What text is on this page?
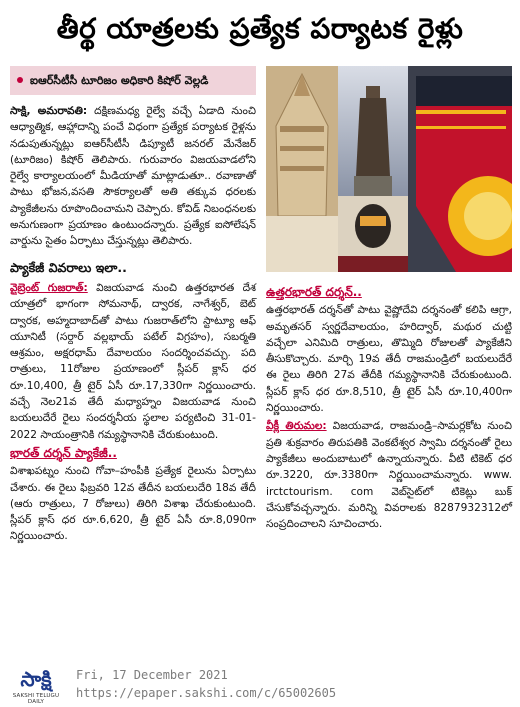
తీర్థ యాత్రలకు ప్రత్యేక పర్యాటక రైళ్లు
ఐఆర్‌సీటీసీ టూరిజం అధికారి కిషోర్ వెల్లడి
సాక్షి, అమరావతి: దక్షిణమధ్య రైల్వే వచ్చే ఏడాది నుంచి ఆధ్యాత్మిక, ఆహ్లాదాన్ని పంచే విధంగా ప్రత్యేక పర్యాటక రైళ్లను నడుపుతున్నట్లు ఐఆర్‌సీటీసీ డిప్యూటీ జనరల్ మేనేజర్ (టూరిజం) కిషోర్ తెలిపారు. గురువారం విజయవాడలోని రైల్వే కార్యాలయంలో మీడియాతో మాట్లాడుతూ.. రవాణాతో పాటు భోజన,వసతి సౌకర్యాలతో అతి తక్కువ ధరలకు ప్యాకేజీలను రూపొందించామని చెప్పారు. కోవిడ్ నిబంధనలకు అనుగుణంగా ప్రయాణం ఉంటుందన్నారు. ప్రత్యేక ఐసోలేషన్ వార్డును సైతం ఏర్పాటు చేస్తున్నట్లు తెలిపారు.
ప్యాకేజీ వివరాలు ఇలా..
వైబ్రెంట్ గుజరాత్: విజయవాడ నుంచి ఉత్తరభారత దేశ యాత్రలో భాగంగా సోమనాథ్, ద్వారక, నాగేశ్వర్, బెట్ ద్వారక, అహ్మదాబాద్‌తో పాటు గుజరాత్‌లోని స్టాట్యూ ఆఫ్ యూనిటీ (సర్దార్ వల్లభాయ్ పటేల్ విగ్రహం), సబర్మతి ఆశ్రమం, అక్షరధామ్ దేవాలయం సందర్శించవచ్చు. పది రాత్రులు, 11రోజుల ప్రయాణంలో స్లీపర్ క్లాస్ ధర రూ.10,400, త్రీ టైర్ ఏసీ రూ.17,330గా నిర్ణయించారు. వచ్చే నెల21వ తేదీ మధ్యాహ్నం విజయవాడ నుంచి బయలుదేరే రైలు సందర్శనీయ స్థలాల పర్యటించి 31-01-2022 సాయంత్రానికి గమ్యస్థానానికి చేరుకుంటుంది.
భారత్ దర్శన్ ప్యాకేజీ..
విశాఖపట్నం నుంచి గోవా–హంపీకి ప్రత్యేక రైలును ఏర్పాటు చేశారు. ఈ రైలు ఫిబ్రవరి 12వ తేదీన బయలుదేరి 18వ తేదీ (ఆరు రాత్రులు, 7 రోజులు) తిరిగి విశాఖ చేరుకుంటుంది. స్లీపర్ క్లాస్ ధర రూ.6,620, త్రీ టైర్ ఏసీ రూ.8,090గా నిర్ణయించారు.
ఉత్తరభారత్ దర్శన్..
ఉత్తరభారత్ దర్శన్‌తో పాటు వైష్ణోదేవి దర్శనంతో కలిపి ఆగ్రా, అమృతసర్ స్వర్ణదేవాలయం, హరిద్వార్, మథుర చుట్టి వచ్చేలా ఎనిమిది రాత్రులు, తొమ్మిది రోజులతో ప్యాకేజీని తీసుకొచ్చారు. మార్చి 19వ తేదీ రాజమండ్రిలో బయలుదేరే ఈ రైలు తిరిగి 27వ తేదీకి గమ్యస్థానానికి చేరుకుంటుంది. స్లీపర్ క్లాస్ ధర రూ.8,510, త్రీ టైర్ ఏసీ రూ.10,400గా నిర్ణయించారు.
వీక్లీ తిరుమల: విజయవాడ, రాజమండ్రి–సామర్లకోట నుంచి ప్రతి శుక్రవారం తిరుపతికి వెంకటేశ్వర స్వామి దర్శనంతో రైలు ప్యాకేజీలు అందుబాటులో ఉన్నాయన్నారు. వీటి టికెట్ ధర రూ.3220, రూ.3380గా నిర్ణయించామన్నారు. www. irctctourism. com వెబ్‌సైట్‌లో టికెట్లు బుక్ చేసుకోవచ్చన్నారు. మరిన్ని వివరాలకు 8287932312లో సంప్రదించాలని సూచించారు.
సాక్షి
SAKSHI TELUGU DAILY
Fri, 17 December 2021
https://epaper.sakshi.com/c/65002605
